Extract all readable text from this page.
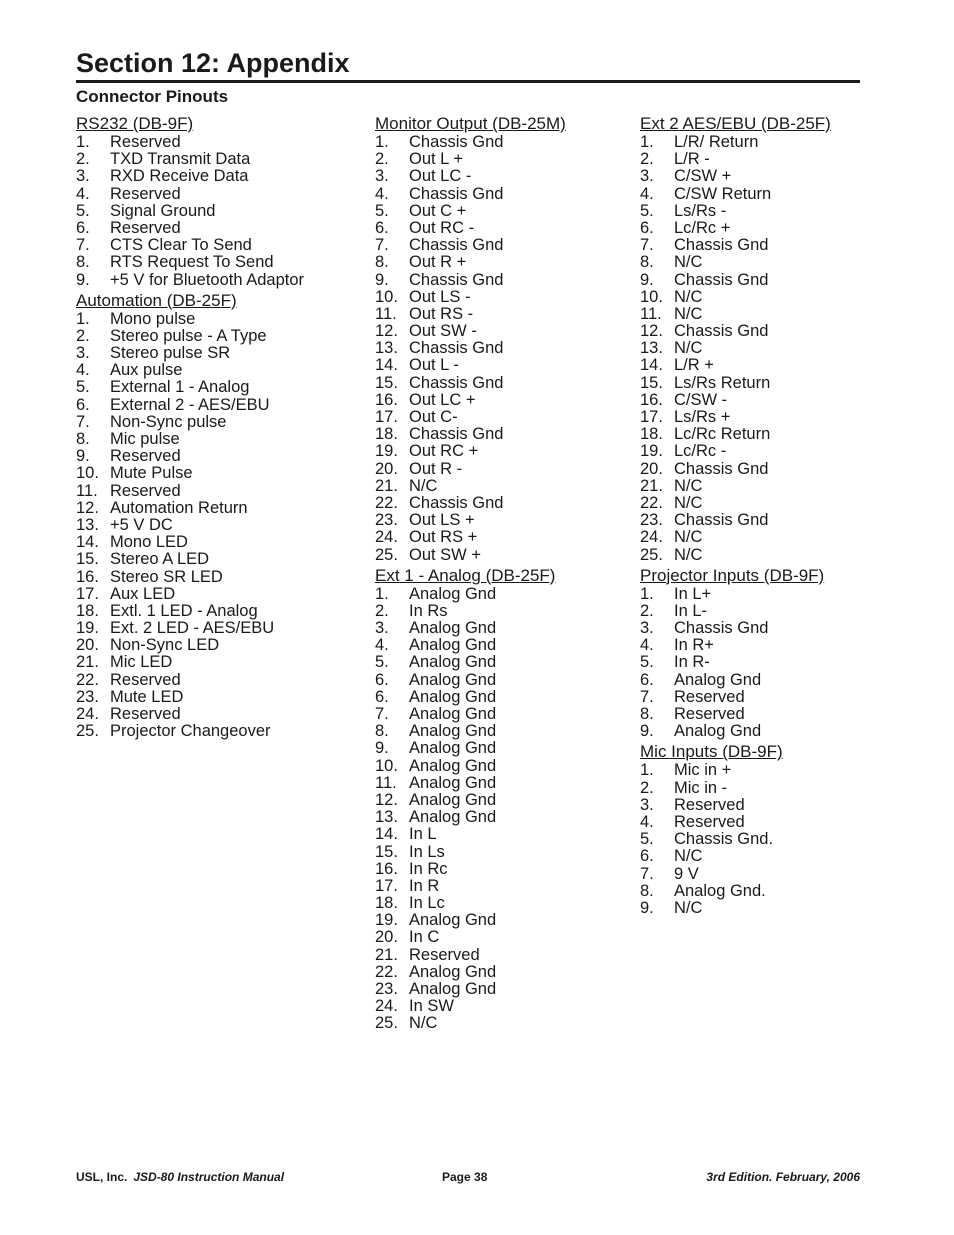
Section 12: Appendix
Connector Pinouts
RS232 (DB-9F)
1. Reserved
2. TXD Transmit Data
3. RXD Receive Data
4. Reserved
5. Signal Ground
6. Reserved
7. CTS Clear To Send
8. RTS Request To Send
9. +5 V for Bluetooth Adaptor
Automation (DB-25F)
1. Mono pulse
2. Stereo pulse - A Type
3. Stereo pulse SR
4. Aux pulse
5. External 1 - Analog
6. External 2 - AES/EBU
7. Non-Sync pulse
8. Mic pulse
9. Reserved
10. Mute Pulse
11. Reserved
12. Automation Return
13. +5 V DC
14. Mono LED
15. Stereo A LED
16. Stereo SR LED
17. Aux LED
18. Extl. 1 LED - Analog
19. Ext. 2 LED - AES/EBU
20. Non-Sync LED
21. Mic LED
22. Reserved
23. Mute LED
24. Reserved
25. Projector Changeover
Monitor Output (DB-25M)
1. Chassis Gnd
2. Out L +
3. Out LC -
4. Chassis Gnd
5. Out C +
6. Out RC -
7. Chassis Gnd
8. Out R +
9. Chassis Gnd
10. Out LS -
11. Out RS -
12. Out SW -
13. Chassis Gnd
14. Out L -
15. Chassis Gnd
16. Out LC +
17. Out C-
18. Chassis Gnd
19. Out RC +
20. Out R -
21. N/C
22. Chassis Gnd
23. Out LS +
24. Out RS +
25. Out SW +
Ext 1 - Analog (DB-25F)
1. Analog Gnd
2. In Rs
3. Analog Gnd
4. Analog Gnd
5. Analog Gnd
6. Analog Gnd
6. Analog Gnd
7. Analog Gnd
8. Analog Gnd
9. Analog Gnd
10. Analog Gnd
11. Analog Gnd
12. Analog Gnd
13. Analog Gnd
14. In L
15. In Ls
16. In Rc
17. In R
18. In Lc
19. Analog Gnd
20. In C
21. Reserved
22. Analog Gnd
23. Analog Gnd
24. In SW
25. N/C
Ext 2 AES/EBU (DB-25F)
1. L/R/ Return
2. L/R -
3. C/SW +
4. C/SW Return
5. Ls/Rs -
6. Lc/Rc +
7. Chassis Gnd
8. N/C
9. Chassis Gnd
10. N/C
11. N/C
12. Chassis Gnd
13. N/C
14. L/R +
15. Ls/Rs Return
16. C/SW -
17. Ls/Rs +
18. Lc/Rc Return
19. Lc/Rc -
20. Chassis Gnd
21. N/C
22. N/C
23. Chassis Gnd
24. N/C
25. N/C
Projector Inputs (DB-9F)
1. In L+
2. In L-
3. Chassis Gnd
4. In R+
5. In R-
6. Analog Gnd
7. Reserved
8. Reserved
9. Analog Gnd
Mic Inputs (DB-9F)
1. Mic in +
2. Mic in -
3. Reserved
4. Reserved
5. Chassis Gnd.
6. N/C
7. 9 V
8. Analog Gnd.
9. N/C
USL, Inc. JSD-80 Instruction Manual	Page 38	3rd Edition. February, 2006
